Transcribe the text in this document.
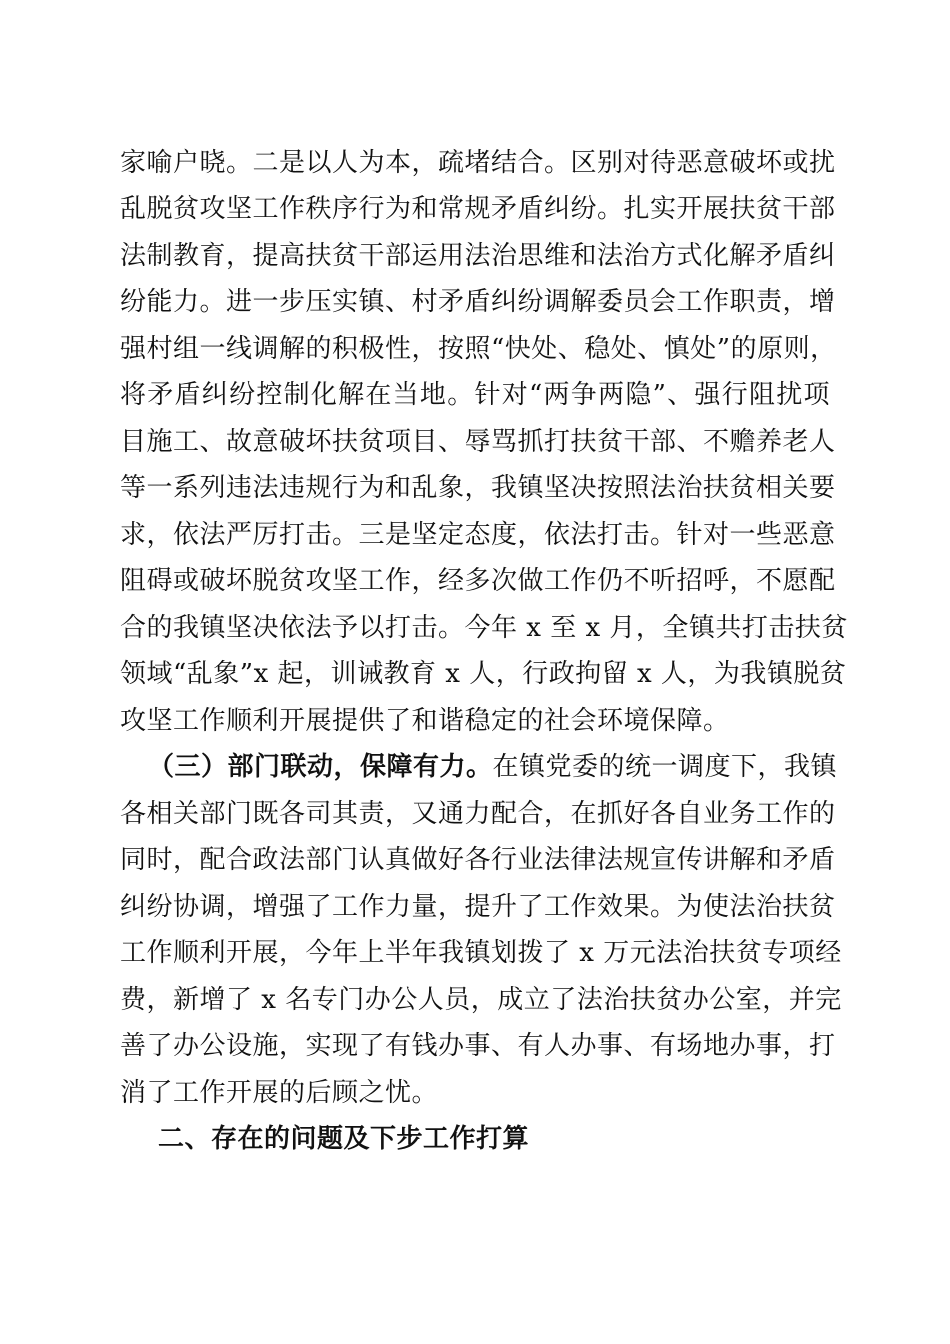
家喻户晓。二是以人为本，疏堵结合。区别对待恶意破坏或扰
乱脱贫攻坚工作秩序行为和常规矛盾纠纷。扎实开展扶贫干部
法制教育，提高扶贫干部运用法治思维和法治方式化解矛盾纠
纷能力。进一步压实镇、村矛盾纠纷调解委员会工作职责，增
强村组一线调解的积极性，按照“快处、稳处、慎处”的原则，
将矛盾纠纷控制化解在当地。针对“两争两隐”、强行阻扰项
目施工、故意破坏扶贫项目、辱骂抓打扶贫干部、不赡养老人
等一系列违法违规行为和乱象，我镇坚决按照法治扶贫相关要
求，依法严厉打击。三是坚定态度，依法打击。针对一些恶意
阻碍或破坏脱贫攻坚工作，经多次做工作仍不听招呼，不愿配
合的我镇坚决依法予以打击。今年 x 至 x 月，全镇共打击扶贫
领域“乱象”x 起，训诫教育 x 人，行政拘留 x 人，为我镇脱贫
攻坚工作顺利开展提供了和谐稳定的社会环境保障。
（三）部门联动，保障有力。在镇党委的统一调度下，我镇
各相关部门既各司其责，又通力配合，在抓好各自业务工作的
同时，配合政法部门认真做好各行业法律法规宣传讲解和矛盾
纠纷协调，增强了工作力量，提升了工作效果。为使法治扶贫
工作顺利开展，今年上半年我镇划拨了 x 万元法治扶贫专项经
费，新增了 x 名专门办公人员，成立了法治扶贫办公室，并完
善了办公设施，实现了有钱办事、有人办事、有场地办事，打
消了工作开展的后顾之忧。
二、存在的问题及下步工作打算
